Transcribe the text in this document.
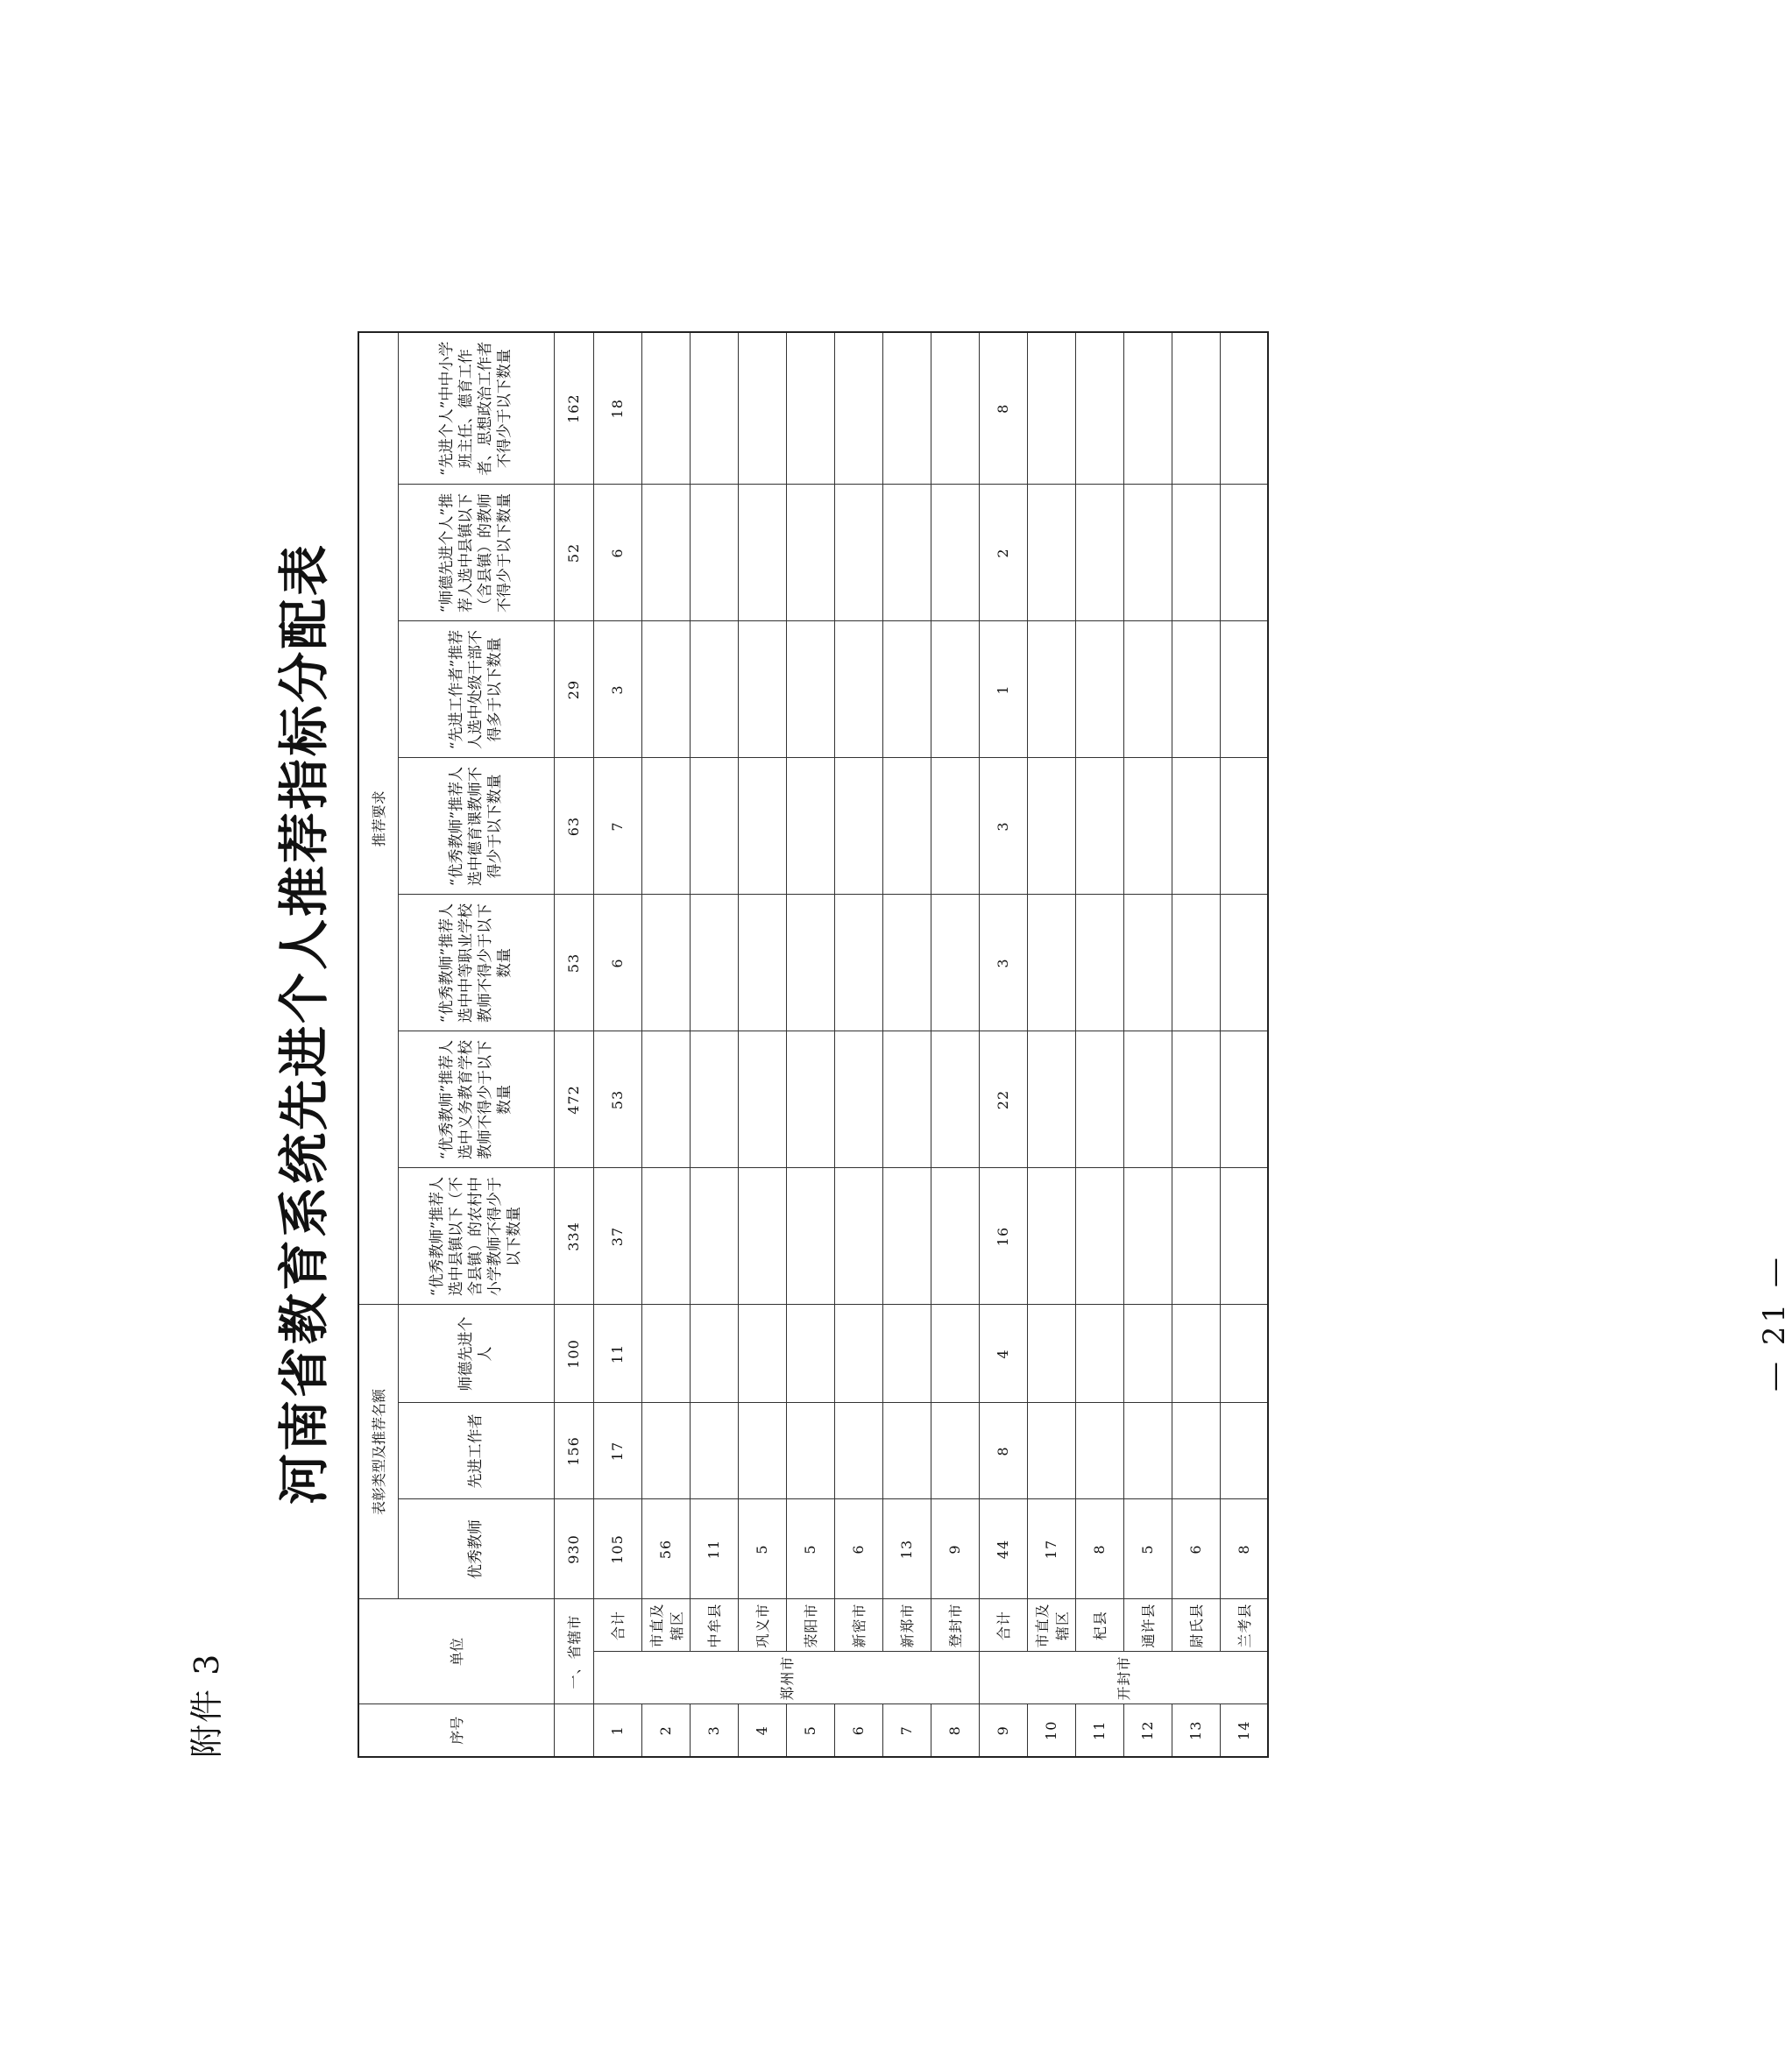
附件 3
河南省教育系统先进个人推荐指标分配表
序号	单位		表彰类型及推荐名额			推荐要求						
			优秀教师	先进工作者	师德先进个人	“优秀教师”推荐人选中县镇以下（不含县镇）的农村中小学教师不得少于以下数量	“优秀教师”推荐人选中义务教育学校教师不得少于以下数量	“优秀教师”推荐人选中中等职业学校教师不得少于以下数量	“优秀教师”推荐人选中德育课教师不得少于以下数量	“先进工作者”推荐人选中处级干部不得多于以下数量	“师德先进个人”推荐人选中县镇以下（含县镇）的教师不得少于以下数量	“先进个人”中中小学班主任、德育工作者、思想政治工作者不得少于以下数量
	一、省辖市		930	156	100	334	472	53	63	29	52	162
1	郑州市	合计	105	17	11	37	53	6	7	3	6	18
2		市直及辖区	56									
3		中牟县	11									
4		巩义市	5									
5		荥阳市	5									
6		新密市	6									
7		新郑市	13									
8		登封市	9									
9	开封市	合计	44	8	4	16	22	3	3	1	2	8
10		市直及辖区	17									
11		杞县	8									
12		通许县	5									
13		尉氏县	6									
14		兰考县	8									
— 21 —
